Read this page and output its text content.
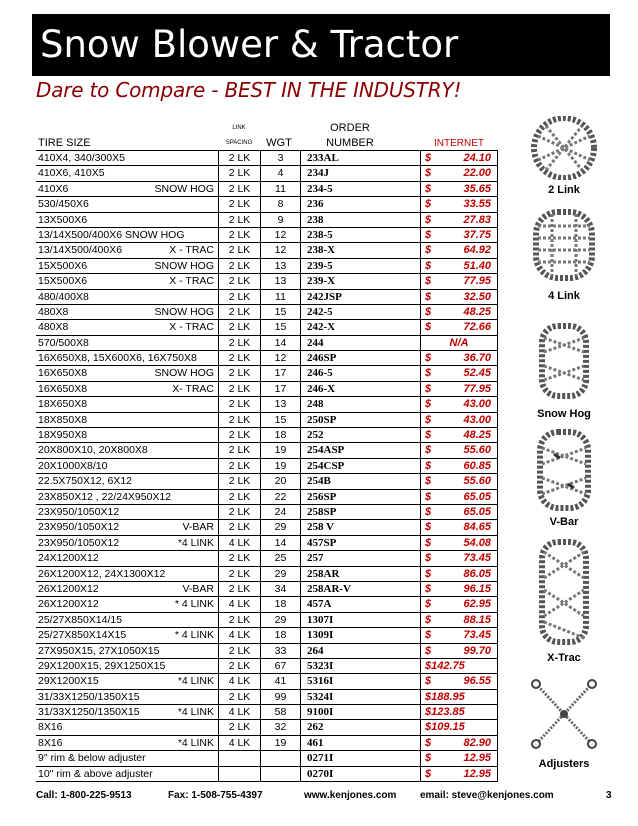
Snow Blower & Tractor
Dare to Compare - BEST IN THE INDUSTRY!
TIRE SIZE
LINK
SPACING	WGT
ORDER
NUMBER	INTERNET
410X4, 340/300X5	2 LK	3	233AL	$	24.10
410X6, 410X5	2 LK	4	234J	$	22.00
410X6	SNOW HOG	2 LK	11	234-5	$	35.65
530/450X6	2 LK	8	236	$	33.55
13X500X6	2 LK	9	238	$	27.83
13/14X500/400X6 SNOW HOG	2 LK	12	238-5	$	37.75
13/14X500/400X6	X - TRAC	2 LK	12	238-X	$	64.92
15X500X6	SNOW HOG	2 LK	13	239-5	$	51.40
15X500X6	X - TRAC	2 LK	13	239-X	$	77.95
480/400X8	2 LK	11	242JSP	$	32.50
480X8	SNOW HOG	2 LK	15	242-5	$	48.25
480X8	X - TRAC	2 LK	15	242-X	$	72.66
570/500X8	2 LK	14	244	N/A
16X650X8, 15X600X6, 16X750X8	2 LK	12	246SP	$	36.70
16X650X8	SNOW HOG	2 LK	17	246-5	$	52.45
16X650X8	X- TRAC	2 LK	17	246-X	$	77.95
18X650X8	2 LK	13	248	$	43.00
18X850X8	2 LK	15	250SP	$	43.00
18X950X8	2 LK	18	252	$	48.25
20X800X10, 20X800X8	2 LK	19	254ASP	$	55.60
20X1000X8/10	2 LK	19	254CSP	$	60.85
22.5X750X12, 6X12	2 LK	20	254B	$	55.60
23X850X12 , 22/24X950X12	2 LK	22	256SP	$	65.05
23X950/1050X12	2 LK	24	258SP	$	65.05
23X950/1050X12	V-BAR	2 LK	29	258 V	$	84.65
23X950/1050X12	*4 LINK	4 LK	14	457SP	$	54.08
24X1200X12	2 LK	25	257	$	73.45
26X1200X12, 24X1300X12	2 LK	29	258AR	$	86.05
26X1200X12	V-BAR	2 LK	34	258AR-V	$	96.15
26X1200X12	* 4 LINK	4 LK	18	457A	$	62.95
25/27X850X14/15	2 LK	29	1307I	$	88.15
25/27X850X14X15	* 4 LINK	4 LK	18	1309I	$	73.45
27X950X15, 27X1050X15	2 LK	33	264	$	99.70
29X1200X15, 29X1250X15	2 LK	67	5323I	$142.75
29X1200X15	*4 LINK	4 LK	41	5316I	$	96.55
31/33X1250/1350X15	2 LK	99	5324I	$188.95
31/33X1250/1350X15	*4 LINK	4 LK	58	9100I	$123.85
8X16	2 LK	32	262	$109.15
8X16	*4 LINK	4 LK	19	461	$	82.90
9" rim & below adjuster	0271I	$	12.95
10" rim & above adjuster	0270I	$	12.95
2 Link
4 Link
Snow Hog
V-Bar
X-Trac
Adjusters
Call: 1-800-225-9513	Fax: 1-508-755-4397	www.kenjones.com email: steve@kenjones.com	3
